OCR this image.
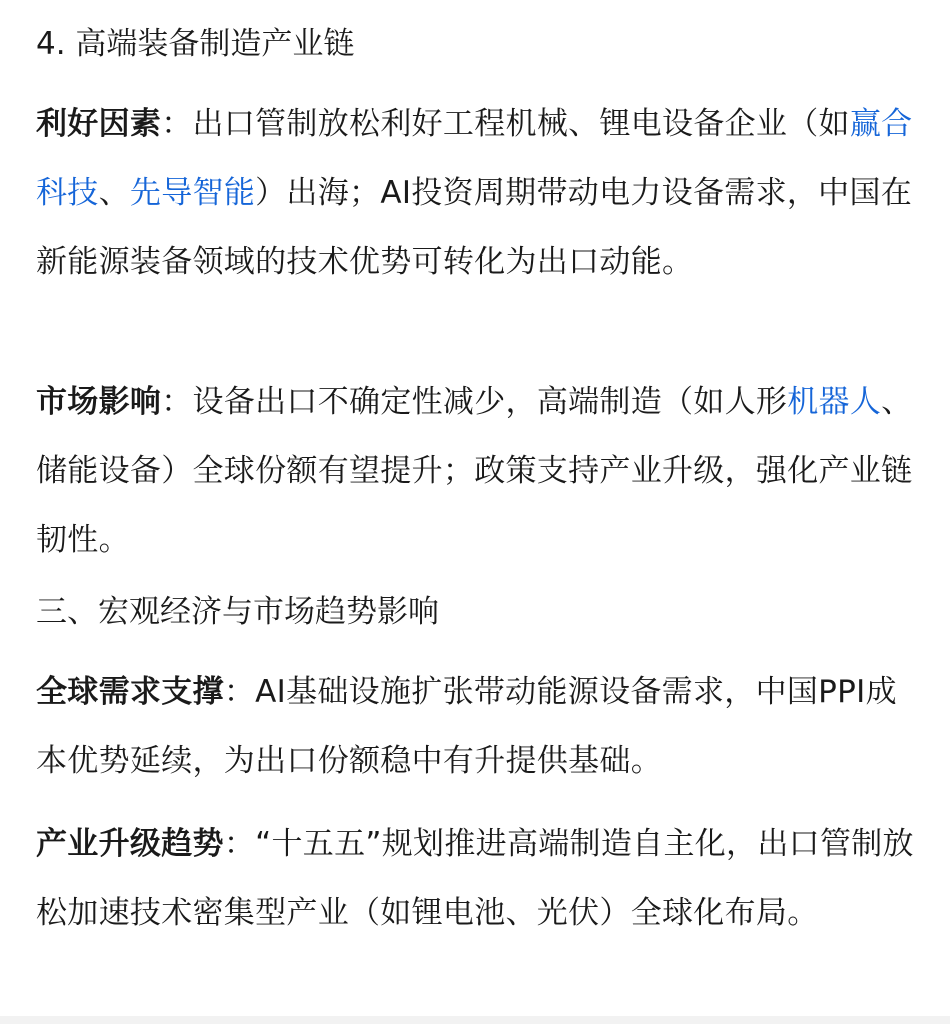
4. 高端装备制造产业链

利好因素：出口管制放松利好工程机械、锂电设备企业（如赢合科技、先导智能）出海；AI投资周期带动电力设备需求，中国在新能源装备领域的技术优势可转化为出口动能。

市场影响：设备出口不确定性减少，高端制造（如人形机器人、储能设备）全球份额有望提升；政策支持产业升级，强化产业链韧性。

三、宏观经济与市场趋势影响

全球需求支撑：AI基础设施扩张带动能源设备需求，中国PPI成本优势延续，为出口份额稳中有升提供基础。

产业升级趋势：“十五五”规划推进高端制造自主化，出口管制放松加速技术密集型产业（如锂电池、光伏）全球化布局。
